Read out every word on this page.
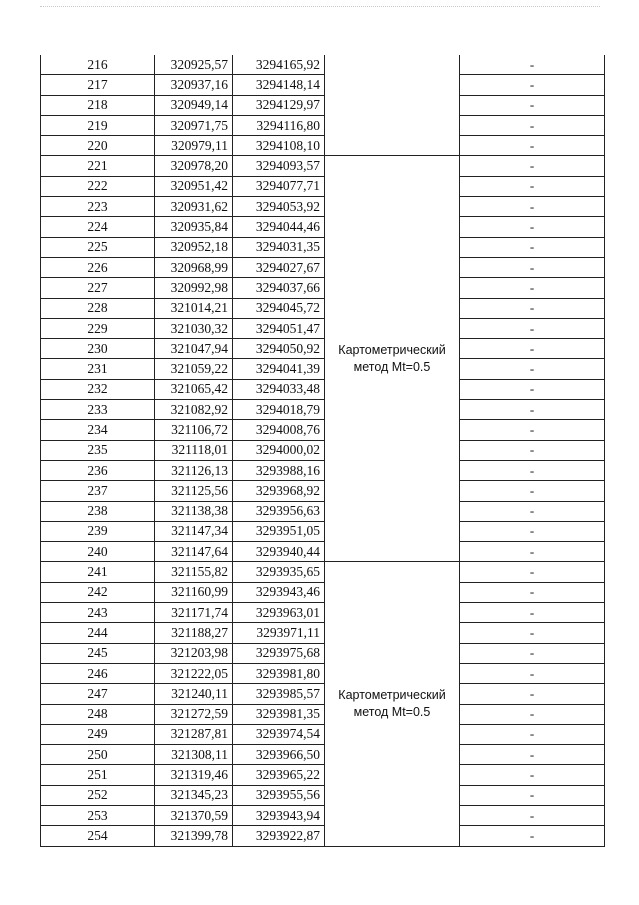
216	320925,57	3294165,92		-
217	320937,16	3294148,14		-
218	320949,14	3294129,97		-
219	320971,75	3294116,80		-
220	320979,11	3294108,10		-
221	320978,20	3294093,57	Картометрический метод Mt=0.5	-
222	320951,42	3294077,71		-
223	320931,62	3294053,92		-
224	320935,84	3294044,46		-
225	320952,18	3294031,35		-
226	320968,99	3294027,67		-
227	320992,98	3294037,66		-
228	321014,21	3294045,72		-
229	321030,32	3294051,47		-
230	321047,94	3294050,92		-
231	321059,22	3294041,39		-
232	321065,42	3294033,48		-
233	321082,92	3294018,79		-
234	321106,72	3294008,76		-
235	321118,01	3294000,02		-
236	321126,13	3293988,16		-
237	321125,56	3293968,92		-
238	321138,38	3293956,63		-
239	321147,34	3293951,05		-
240	321147,64	3293940,44		-
241	321155,82	3293935,65	Картометрический метод Mt=0.5	-
242	321160,99	3293943,46		-
243	321171,74	3293963,01		-
244	321188,27	3293971,11		-
245	321203,98	3293975,68		-
246	321222,05	3293981,80		-
247	321240,11	3293985,57		-
248	321272,59	3293981,35		-
249	321287,81	3293974,54		-
250	321308,11	3293966,50		-
251	321319,46	3293965,22		-
252	321345,23	3293955,56		-
253	321370,59	3293943,94		-
254	321399,78	3293922,87		-
